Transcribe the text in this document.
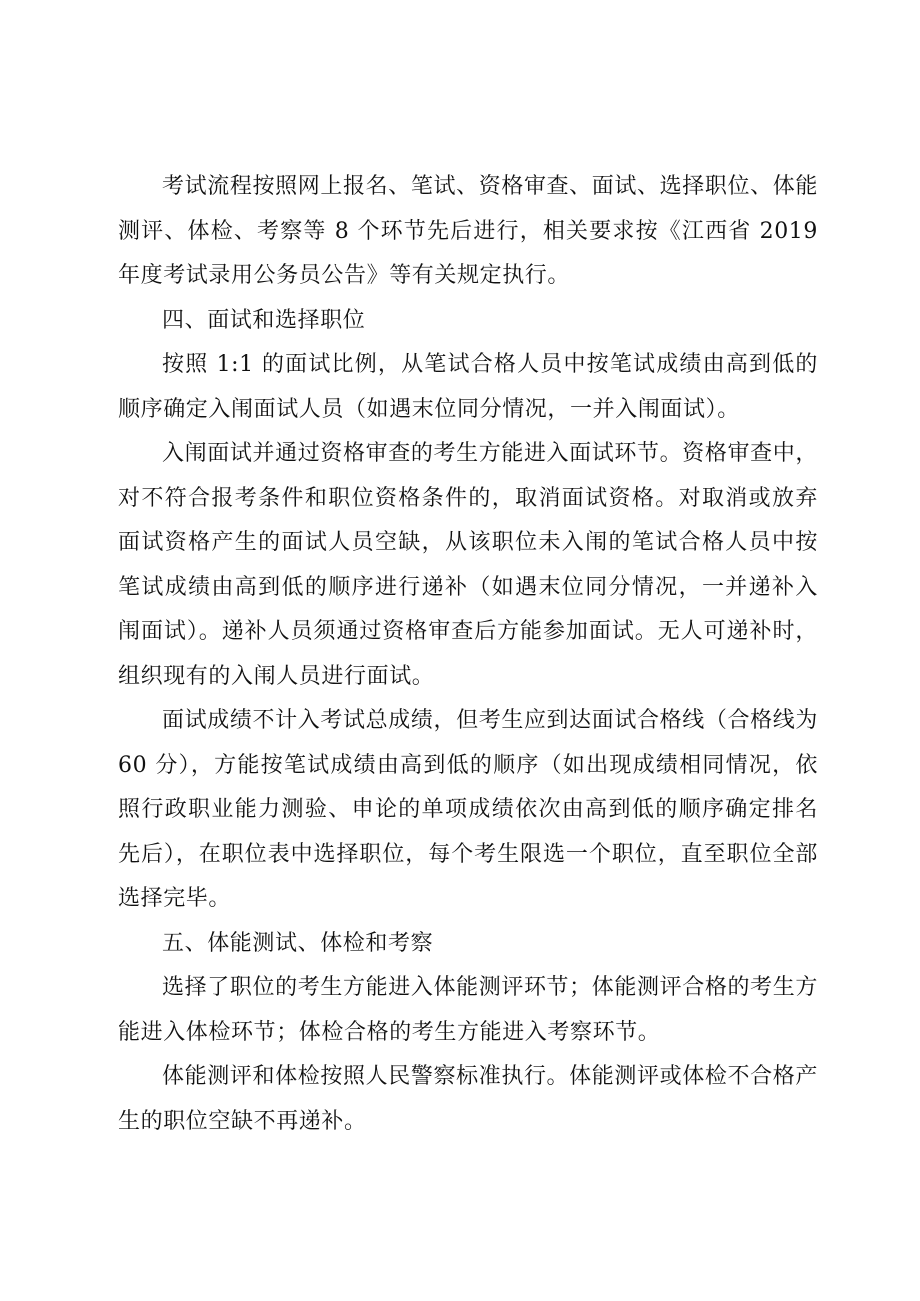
考试流程按照网上报名、笔试、资格审查、面试、选择职位、体能测评、体检、考察等 8 个环节先后进行，相关要求按《江西省 2019 年度考试录用公务员公告》等有关规定执行。

四、面试和选择职位

按照 1:1 的面试比例，从笔试合格人员中按笔试成绩由高到低的顺序确定入闱面试人员（如遇末位同分情况，一并入闱面试）。

入闱面试并通过资格审查的考生方能进入面试环节。资格审查中，对不符合报考条件和职位资格条件的，取消面试资格。对取消或放弃面试资格产生的面试人员空缺，从该职位未入闱的笔试合格人员中按笔试成绩由高到低的顺序进行递补（如遇末位同分情况，一并递补入闱面试）。递补人员须通过资格审查后方能参加面试。无人可递补时，组织现有的入闱人员进行面试。

面试成绩不计入考试总成绩，但考生应到达面试合格线（合格线为 60 分），方能按笔试成绩由高到低的顺序（如出现成绩相同情况，依照行政职业能力测验、申论的单项成绩依次由高到低的顺序确定排名先后），在职位表中选择职位，每个考生限选一个职位，直至职位全部选择完毕。

五、体能测试、体检和考察

选择了职位的考生方能进入体能测评环节；体能测评合格的考生方能进入体检环节；体检合格的考生方能进入考察环节。

体能测评和体检按照人民警察标准执行。体能测评或体检不合格产生的职位空缺不再递补。
